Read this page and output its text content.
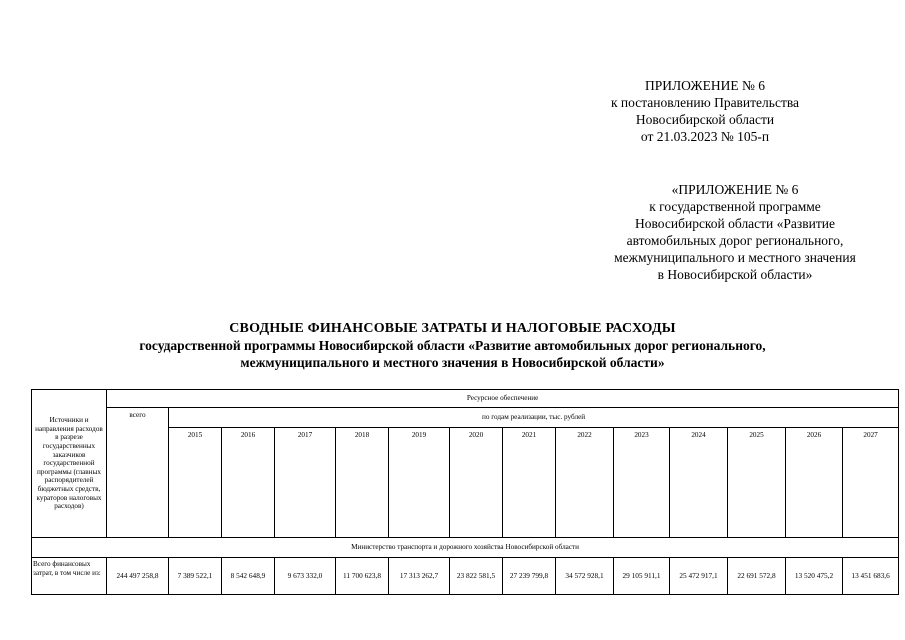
ПРИЛОЖЕНИЕ № 6
к постановлению Правительства
Новосибирской области
от 21.03.2023 № 105-п
«ПРИЛОЖЕНИЕ № 6
к государственной программе
Новосибирской области «Развитие
автомобильных дорог регионального,
межмуниципального и местного значения
в Новосибирской области»
СВОДНЫЕ ФИНАНСОВЫЕ ЗАТРАТЫ И НАЛОГОВЫЕ РАСХОДЫ
государственной программы Новосибирской области «Развитие автомобильных дорог регионального,
межмуниципального и местного значения в Новосибирской области»
Источники и направления расходов в разрезе государственных заказчиков государственной программы (главных распорядителей бюджетных средств, кураторов налоговых расходов)	Ресурсное обеспечение													
	всего	по годам реализации, тыс. рублей												
		2015	2016	2017	2018	2019	2020	2021	2022	2023	2024	2025	2026	2027
Министерство транспорта и дорожного хозяйства Новосибирской области														
Всего финансовых затрат, в том числе из:	244 497 258,8	7 389 522,1	8 542 648,9	9 673 332,0	11 700 623,8	17 313 262,7	23 822 581,5	27 239 799,8	34 572 928,1	29 105 911,1	25 472 917,1	22 691 572,8	13 520 475,2	13 451 683,6
